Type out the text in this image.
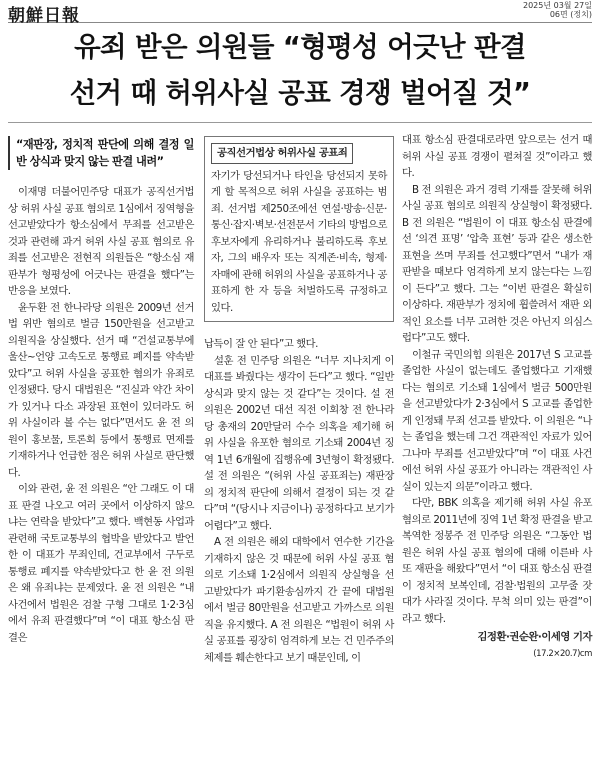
朝鮮日報
2025년 03월 27일
06면 (정치)
유죄 받은 의원들 “형평성 어긋난 판결
선거 때 허위사실 공표 경쟁 벌어질 것”
“재판장, 정치적 판단에 의해 결정 일반 상식과 맞지 않는 판결 내려”

이재명 더불어민주당 대표가 공직선거법상 허위 사실 공표 혐의로 1심에서 징역형을 선고받았다가 항소심에서 무죄를 선고받은 것과 관련해 과거 허위 사실 공표 혐의로 유죄를 선고받은 전현직 의원들은 “항소심 재판부가 형평성에 어긋나는 판결을 했다”는 반응을 보였다.

윤두환 전 한나라당 의원은 2009년 선거법 위반 혐의로 벌금 150만원을 선고받고 의원직을 상실했다. 선거 때 “건설교통부에 울산~언양 고속도로 통행료 폐지를 약속받았다”고 허위 사실을 공표한 혐의가 유죄로 인정됐다. 당시 대법원은 “진실과 약간 차이가 있거나 다소 과장된 표현이 있더라도 허위 사실이라 볼 수는 없다”면서도 윤 전 의원이 홍보물, 토론회 등에서 통행료 면제를 기재하거나 언급한 점은 허위 사실로 판단했다.

이와 관련, 윤 전 의원은 “안 그래도 이 대표 판결 나오고 여러 곳에서 이상하지 않으냐는 연락을 받았다”고 했다. 백현동 사업과 관련해 국토교통부의 협박을 받았다고 발언한 이 대표가 무죄인데, 건교부에서 구두로 통행료 폐지를 약속받았다고 한 윤 전 의원은 왜 유죄냐는 문제였다. 윤 전 의원은 “내 사건에서 법원은 검찰 구형 그대로 1·2·3심에서 유죄 판결했다”며 “이 대표 항소심 판결은

공직선거법상 허위사실 공표죄
자기가 당선되거나 타인을 당선되지 못하게 할 목적으로 허위 사실을 공표하는 범죄. 선거법 제250조에선 연설·방송·신문·통신·잡지·벽보·선전문서 기타의 방법으로 후보자에게 유리하거나 불리하도록 후보자, 그의 배우자 또는 직계존·비속, 형제·자매에 관해 허위의 사실을 공표하거나 공표하게 한 자 등을 처벌하도록 규정하고 있다.

납득이 잘 안 된다”고 했다.

설훈 전 민주당 의원은 “너무 지나치게 이 대표를 봐줬다는 생각이 든다”고 했다. “일반 상식과 맞지 않는 것 같다”는 것이다. 설 전 의원은 2002년 대선 직전 이회창 전 한나라당 총재의 20만달러 수수 의혹을 제기해 허위 사실을 유포한 혐의로 기소돼 2004년 징역 1년 6개월에 집행유예 3년형이 확정됐다. 설 전 의원은 “(허위 사실 공표죄는) 재판장의 정치적 판단에 의해서 결정이 되는 것 같다”며 “(당시나 지금이나) 공정하다고 보기가 어렵다”고 했다.

A 전 의원은 해외 대학에서 연수한 기간을 기재하지 않은 것 때문에 허위 사실 공표 혐의로 기소돼 1·2심에서 의원직 상실형을 선고받았다가 파기환송심까지 간 끝에 대법원에서 벌금 80만원을 선고받고 가까스로 의원직을 유지했다. A 전 의원은 “법원이 허위 사실 공표를 굉장히 엄격하게 보는 건 민주주의 체제를 훼손한다고 보기 때문인데, 이

대표 항소심 판결대로라면 앞으로는 선거 때 허위 사실 공표 경쟁이 펼쳐질 것”이라고 했다.

B 전 의원은 과거 경력 기재를 잘못해 허위 사실 공표 혐의로 의원직 상실형이 확정됐다. B 전 의원은 “법원이 이 대표 항소심 판결에선 ‘의견 표명’ ‘압축 표현’ 등과 같은 생소한 표현을 쓰며 무죄를 선고했다”면서 “내가 재판받을 때보다 엄격하게 보지 않는다는 느낌이 든다”고 했다. 그는 “이번 판결은 확실히 이상하다. 재판부가 정치에 휩쓸려서 재판 외적인 요소를 너무 고려한 것은 아닌지 의심스럽다”고도 했다.

이철규 국민의힘 의원은 2017년 S 고교를 졸업한 사실이 없는데도 졸업했다고 기재했다는 혐의로 기소돼 1심에서 벌금 500만원을 선고받았다가 2·3심에서 S 고교를 졸업한 게 인정돼 무죄 선고를 받았다. 이 의원은 “나는 졸업을 했는데 그건 객관적인 자료가 있어 그나마 무죄를 선고받았다”며 “이 대표 사건에선 허위 사실 공표가 아니라는 객관적인 사실이 있는지 의문”이라고 했다.

다만, BBK 의혹을 제기해 허위 사실 유포 혐의로 2011년에 징역 1년 확정 판결을 받고 복역한 정봉주 전 민주당 의원은 “그동안 법원은 허위 사실 공표 혐의에 대해 이른바 사또 재판을 해왔다”면서 “이 대표 항소심 판결이 정치적 보복인데, 검찰·법원의 고무줄 잣대가 사라질 것이다. 무척 의미 있는 판결”이라고 했다.

김정환·권순완·이세영 기자
(17.2×20.7)cm
